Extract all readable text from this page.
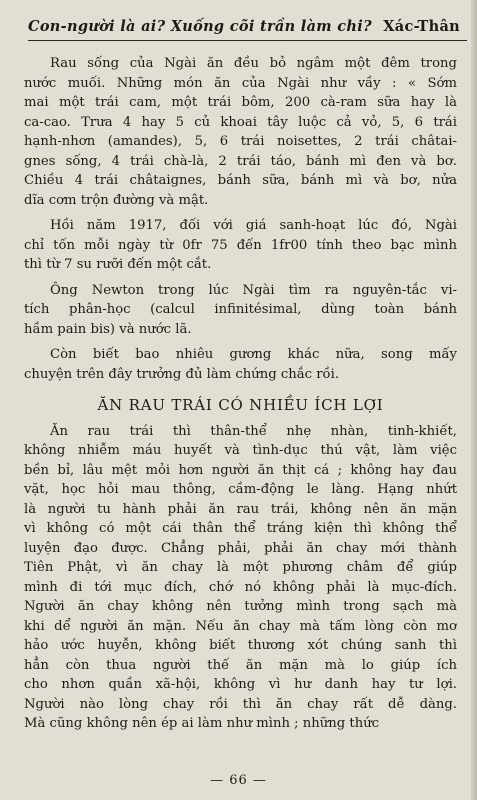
Con-người là ai? Xuống cõi trần làm chi? Xác-Thân
Rau sống của Ngài ăn đều bỏ ngâm một đêm trong
nước muối. Những món ăn của Ngài như vầy : « Sớm
mai một trái cam, một trái bôm, 200 cà-ram sữa hay là
ca-cao. Trưa 4 hay 5 củ khoai tây luộc cả vỏ, 5, 6 trái
hạnh-nhơn (amandes), 5, 6 trái noisettes, 2 trái châtai-
gnes sống, 4 trái chà-là, 2 trái táo, bánh mì đen và bơ.
Chiều 4 trái châtaignes, bánh sữa, bánh mì và bơ, nửa
dĩa cơm trộn đường và mật.
Hồi năm 1917, đối với giá sanh-hoạt lúc đó, Ngài
chỉ tốn mỗi ngày từ 0fr 75 đến 1fr00 tính theo bạc mình
thì từ 7 su rưỡi đến một cắt.
Ông Newton trong lúc Ngài tìm ra nguyên-tắc vi-
tích phân-học (calcul infinitésimal, dùng toàn bánh
hầm pain bis) và nước lã.
Còn biết bao nhiêu gương khác nữa, song mấy
chuyện trên đây trưởng đủ làm chứng chắc rồi.
ĂN RAU TRÁI CÓ NHIỀU ÍCH LỢI
Ăn rau trái thì thân-thể nhẹ nhàn, tinh-khiết,
không nhiễm máu huyết và tình-dục thú vật, làm việc
bền bỉ, lâu mệt mỏi hơn người ăn thịt cá ; không hay đau
vặt, học hỏi mau thông, cầm-động le làng. Hạng nhứt
là người tu hành phải ăn rau trái, không nên ăn mặn
vì không có một cái thân thể tráng kiện thì không thể
luyện đạo được. Chẳng phải, phải ăn chay mới thành
Tiên Phật, vì ăn chay là một phương châm để giúp
mình đi tới mục đích, chớ nó không phải là mục-đích.
Người ăn chay không nên tưởng mình trong sạch mà
khi dể người ăn mặn. Nếu ăn chay mà tấm lòng còn mơ
hảo ước huyễn, không biết thương xót chúng sanh thì
hẳn còn thua người thế ăn mặn mà lo giúp ích
cho nhơn quần xã-hội, không vì hư danh hay tư lợi.
Người nào lòng chay rồi thì ăn chay rất dễ dàng.
Mà cũng không nên ép ai làm như mình ; những thức
— 66 —
